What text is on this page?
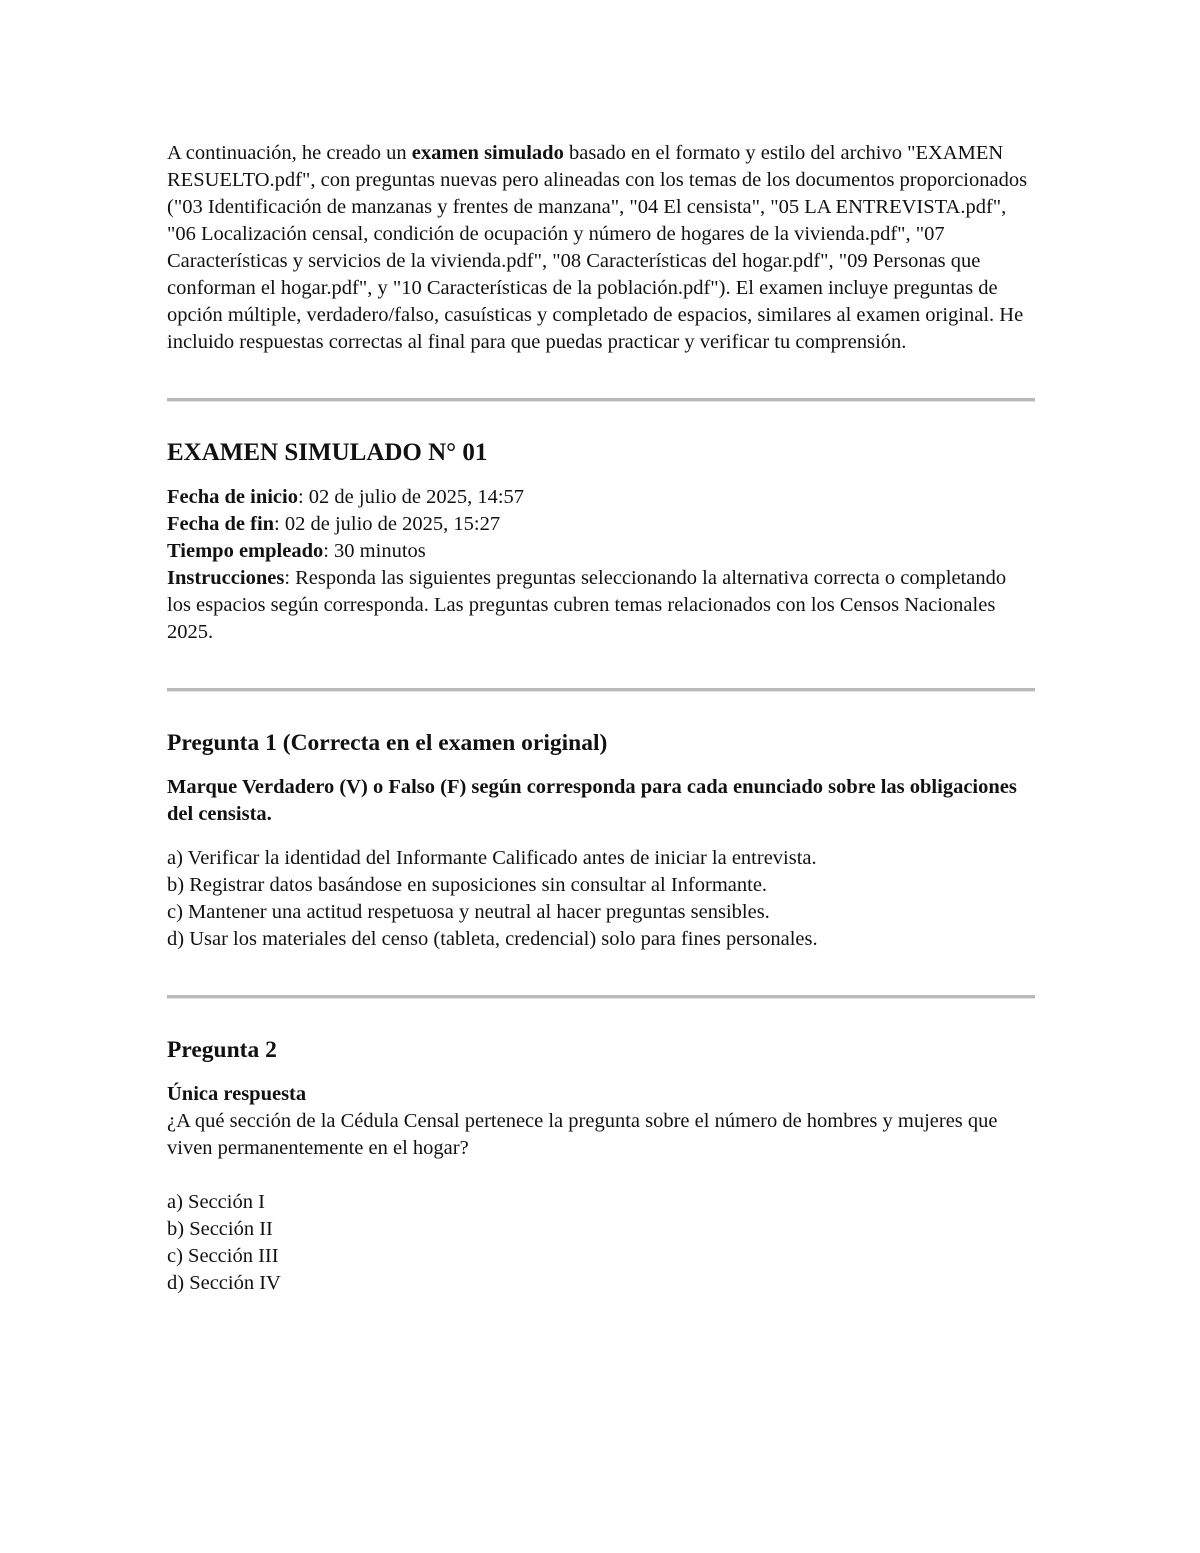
A continuación, he creado un examen simulado basado en el formato y estilo del archivo "EXAMEN RESUELTO.pdf", con preguntas nuevas pero alineadas con los temas de los documentos proporcionados ("03 Identificación de manzanas y frentes de manzana", "04 El censista", "05 LA ENTREVISTA.pdf", "06 Localización censal, condición de ocupación y número de hogares de la vivienda.pdf", "07 Características y servicios de la vivienda.pdf", "08 Características del hogar.pdf", "09 Personas que conforman el hogar.pdf", y "10 Características de la población.pdf"). El examen incluye preguntas de opción múltiple, verdadero/falso, casuísticas y completado de espacios, similares al examen original. He incluido respuestas correctas al final para que puedas practicar y verificar tu comprensión.

EXAMEN SIMULADO N° 01

Fecha de inicio: 02 de julio de 2025, 14:57

Fecha de fin: 02 de julio de 2025, 15:27

Tiempo empleado: 30 minutos

Instrucciones: Responda las siguientes preguntas seleccionando la alternativa correcta o completando los espacios según corresponda. Las preguntas cubren temas relacionados con los Censos Nacionales 2025.

Pregunta 1 (Correcta en el examen original)

Marque Verdadero (V) o Falso (F) según corresponda para cada enunciado sobre las obligaciones del censista.

a) Verificar la identidad del Informante Calificado antes de iniciar la entrevista.
b) Registrar datos basándose en suposiciones sin consultar al Informante.
c) Mantener una actitud respetuosa y neutral al hacer preguntas sensibles.
d) Usar los materiales del censo (tableta, credencial) solo para fines personales.
Pregunta 2

Única respuesta

¿A qué sección de la Cédula Censal pertenece la pregunta sobre el número de hombres y mujeres que viven permanentemente en el hogar?

a) Sección I
b) Sección II
c) Sección III
d) Sección IV
